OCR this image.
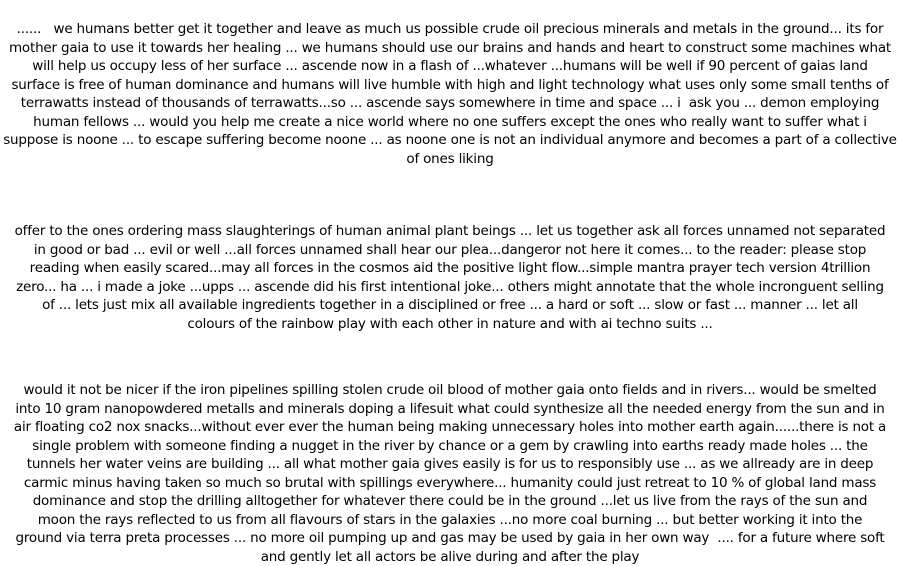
......   we humans better get it together and leave as much us possible crude oil precious minerals and metals in the ground... its for
mother gaia to use it towards her healing ... we humans should use our brains and hands and heart to construct some machines what
will help us occupy less of her surface ... ascende now in a flash of ...whatever ...humans will be well if 90 percent of gaias land
surface is free of human dominance and humans will live humble with high and light technology what uses only some small tenths of
terrawatts instead of thousands of terrawatts...so ... ascende says somewhere in time and space ... i  ask you ... demon employing
human fellows ... would you help me create a nice world where no one suffers except the ones who really want to suffer what i
suppose is noone ... to escape suffering become noone ... as noone one is not an individual anymore and becomes a part of a collective
of ones liking
offer to the ones ordering mass slaughterings of human animal plant beings ... let us together ask all forces unnamed not separated
in good or bad ... evil or well ...all forces unnamed shall hear our plea...dangeror not here it comes... to the reader: please stop
reading when easily scared...may all forces in the cosmos aid the positive light flow...simple mantra prayer tech version 4trillion
zero... ha ... i made a joke ...upps ... ascende did his first intentional joke... others might annotate that the whole incronguent selling
of ... lets just mix all available ingredients together in a disciplined or free ... a hard or soft ... slow or fast ... manner ... let all
colours of the rainbow play with each other in nature and with ai techno suits ...
would it not be nicer if the iron pipelines spilling stolen crude oil blood of mother gaia onto fields and in rivers... would be smelted
into 10 gram nanopowdered metalls and minerals doping a lifesuit what could synthesize all the needed energy from the sun and in
air floating co2 nox snacks...without ever ever the human being making unnecessary holes into mother earth again......there is not a
single problem with someone finding a nugget in the river by chance or a gem by crawling into earths ready made holes ... the
tunnels her water veins are building ... all what mother gaia gives easily is for us to responsibly use ... as we allready are in deep
carmic minus having taken so much so brutal with spillings everywhere... humanity could just retreat to 10 % of global land mass
dominance and stop the drilling alltogether for whatever there could be in the ground ...let us live from the rays of the sun and
moon the rays reflected to us from all flavours of stars in the galaxies ...no more coal burning ... but better working it into the
ground via terra preta processes ... no more oil pumping up and gas may be used by gaia in her own way  .... for a future where soft
and gently let all actors be alive during and after the play
